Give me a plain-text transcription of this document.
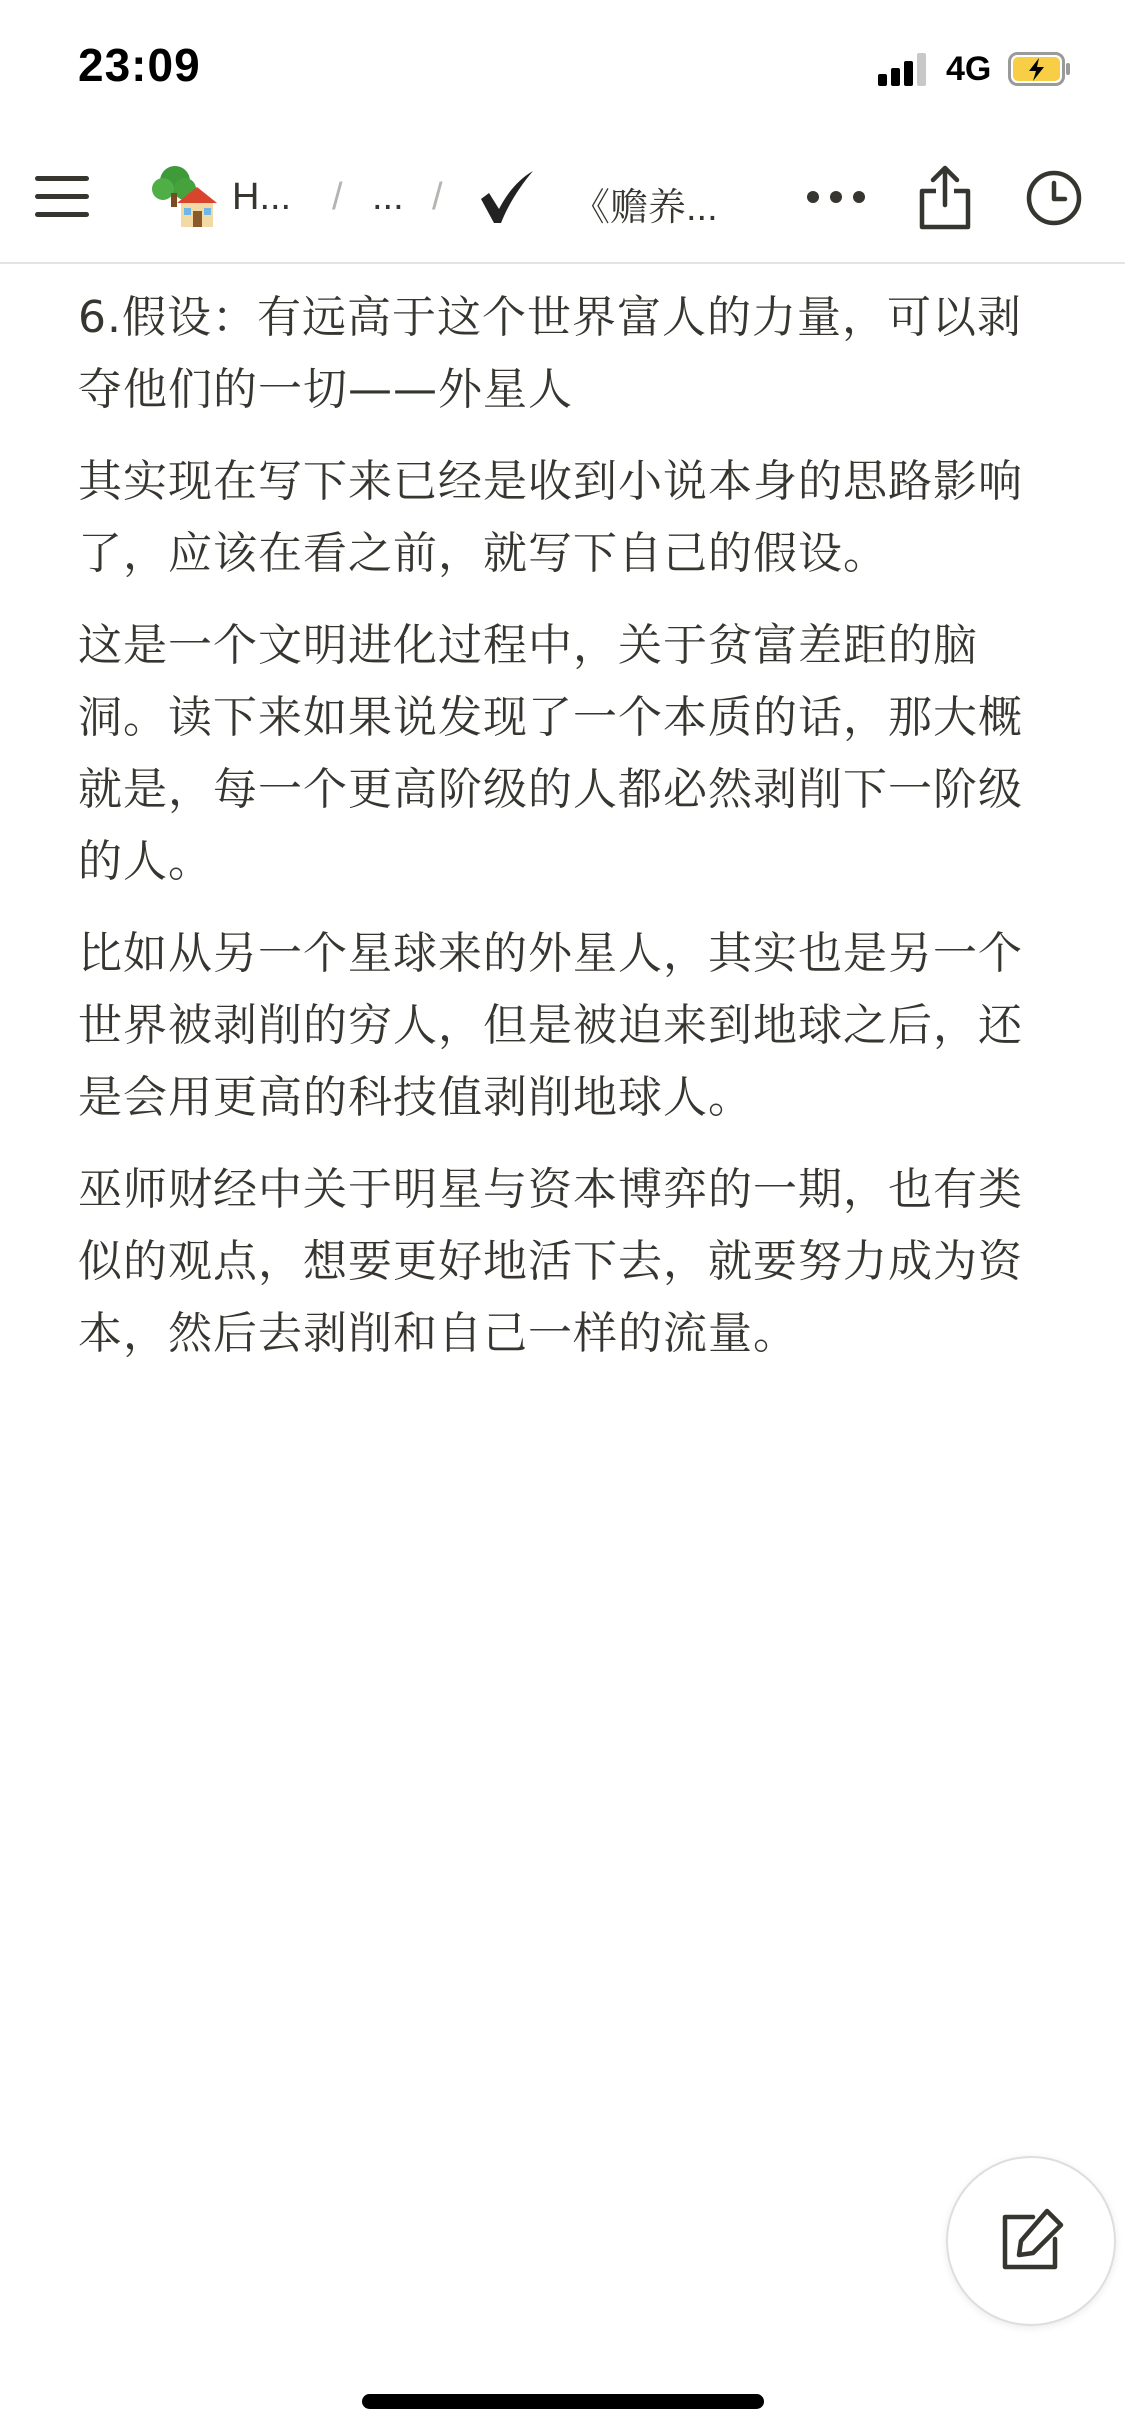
23:09	4G
H... / ... /	《赡养...

6.假设：有远高于这个世界富人的力量，可以剥夺他们的一切——外星人

其实现在写下来已经是收到小说本身的思路影响了，应该在看之前，就写下自己的假设。

这是一个文明进化过程中，关于贫富差距的脑洞。读下来如果说发现了一个本质的话，那大概就是，每一个更高阶级的人都必然剥削下一阶级的人。

比如从另一个星球来的外星人，其实也是另一个世界被剥削的穷人，但是被迫来到地球之后，还是会用更高的科技值剥削地球人。

巫师财经中关于明星与资本博弈的一期，也有类似的观点，想要更好地活下去，就要努力成为资本，然后去剥削和自己一样的流量。
